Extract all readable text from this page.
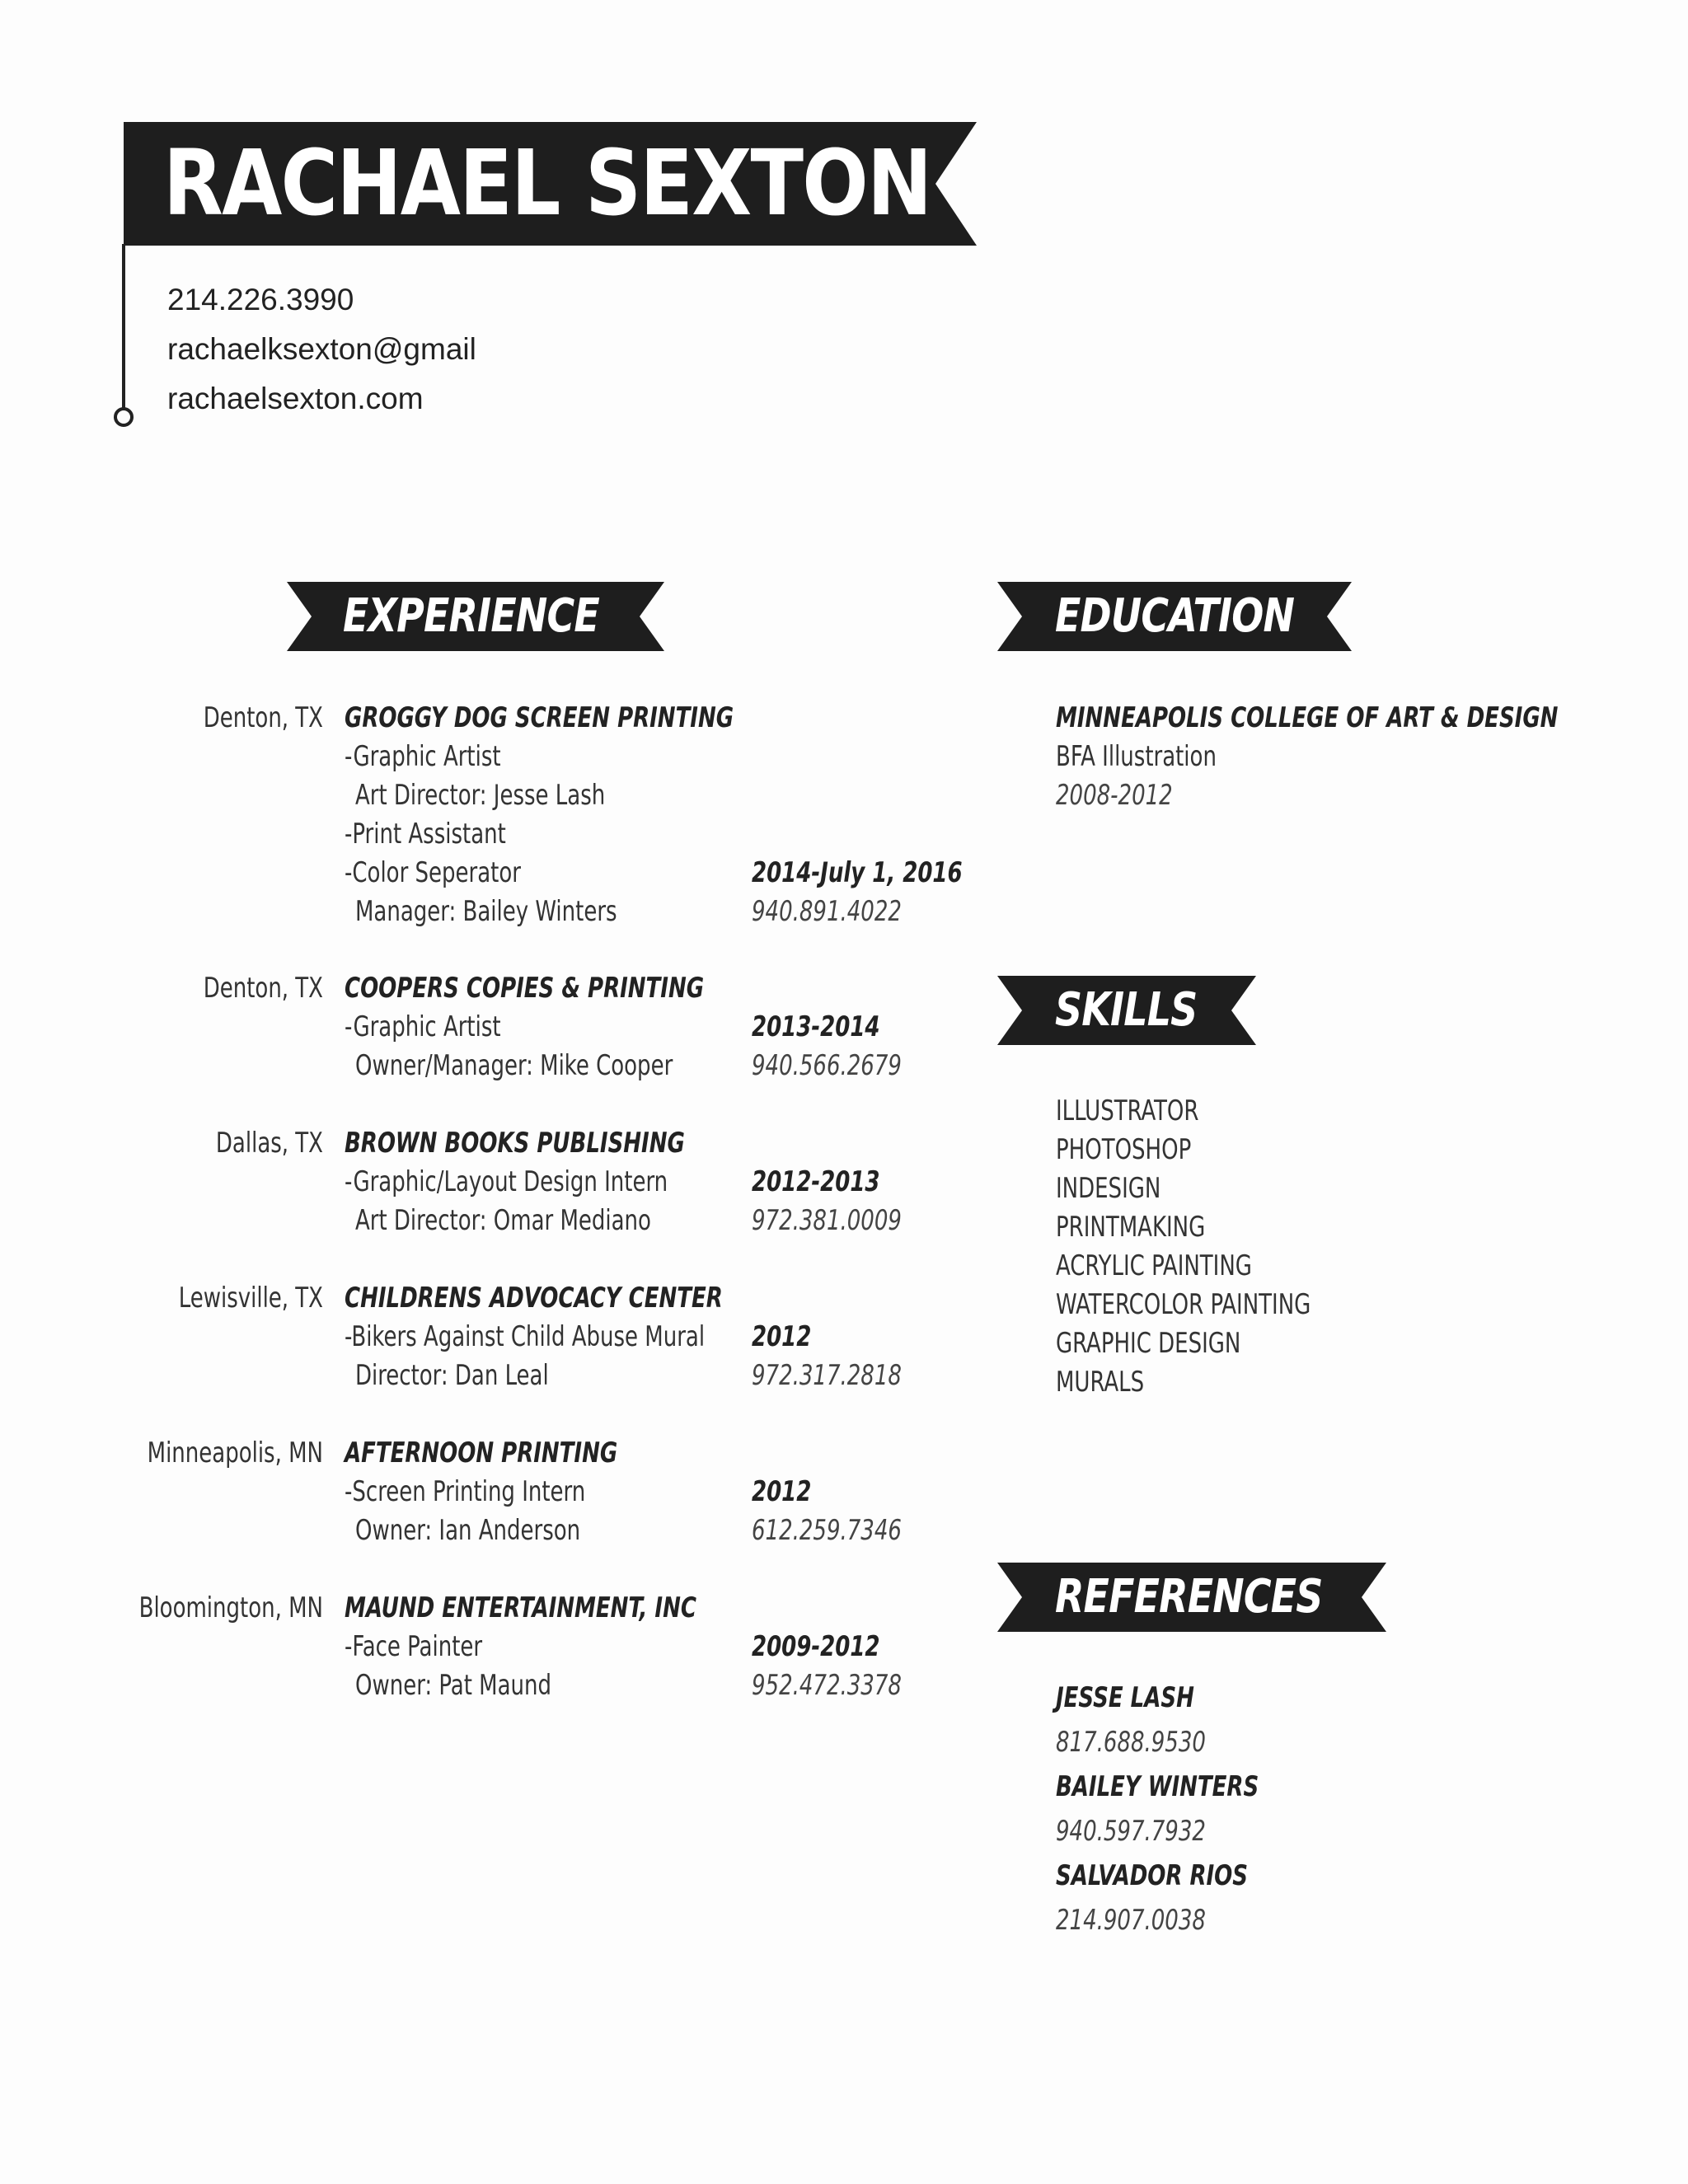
RACHAEL SEXTON
214.226.3990
rachaelksexton@gmail
rachaelsexton.com
EXPERIENCE	EDUCATION
SKILLS
REFERENCES
Denton, TX GROGGY DOG SCREEN PRINTING
-Graphic Artist
Art Director: Jesse Lash
-Print Assistant
-Color Seperator
Manager: Bailey Winters
2014-July 1, 2016
940.891.4022
Denton, TX COOPERS COPIES & PRINTING
-Graphic Artist
Owner/Manager: Mike Cooper
2013-2014
940.566.2679
Dallas, TX BROWN BOOKS PUBLISHING
-Graphic/Layout Design Intern
Art Director: Omar Mediano
2012-2013
972.381.0009
Lewisville, TX CHILDRENS ADVOCACY CENTER
-Bikers Against Child Abuse Mural
Director: Dan Leal
2012
972.317.2818
Minneapolis, MN AFTERNOON PRINTING
-Screen Printing Intern
Owner: Ian Anderson
2012
612.259.7346
Bloomington, MN MAUND ENTERTAINMENT, INC
-Face Painter
Owner: Pat Maund
2009-2012
952.472.3378
MINNEAPOLIS COLLEGE OF ART & DESIGN
BFA Illustration
2008-2012
ILLUSTRATOR
PHOTOSHOP
INDESIGN
PRINTMAKING
ACRYLIC PAINTING
WATERCOLOR PAINTING
GRAPHIC DESIGN
MURALS
JESSE LASH
817.688.9530
BAILEY WINTERS
940.597.7932
SALVADOR RIOS
214.907.0038
